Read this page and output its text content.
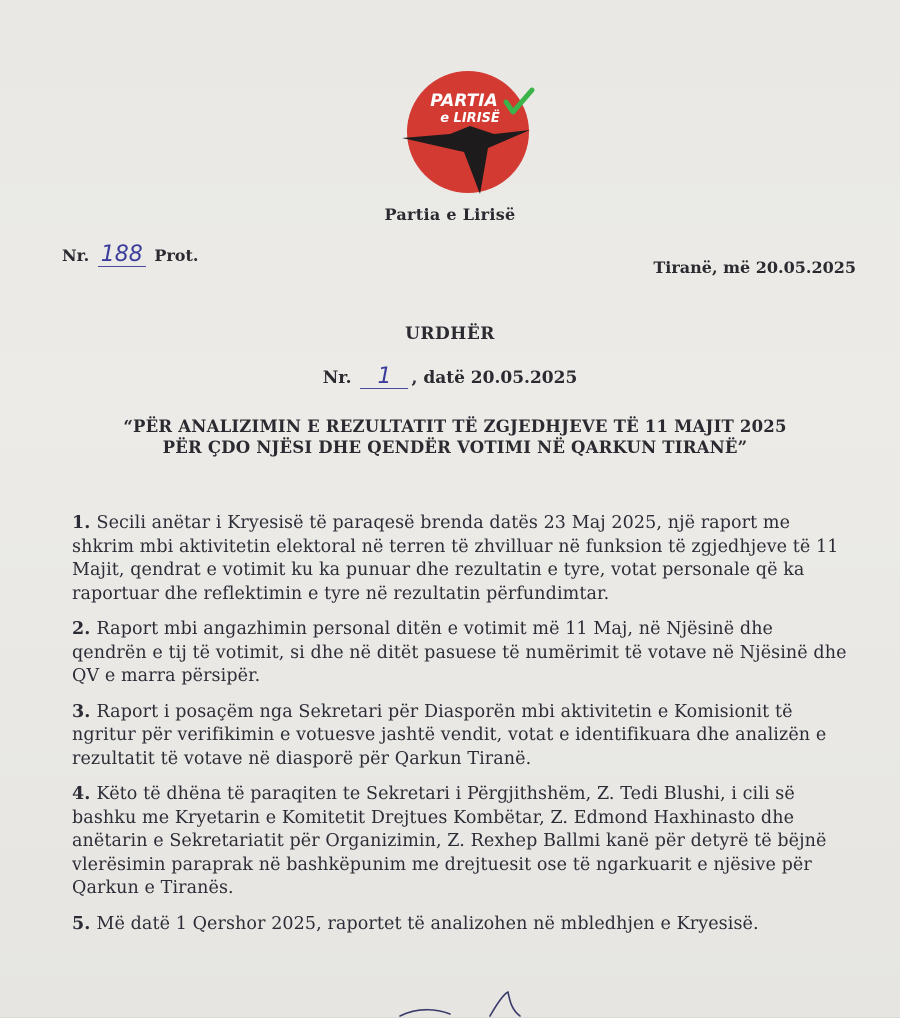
PARTIA
e LIRISË
Partia e Lirisë
Nr. 188 Prot.
Tiranë, më 20.05.2025
URDHËR
Nr. 1 , datë 20.05.2025
“PËR ANALIZIMIN E REZULTATIT TË ZGJEDHJEVE TË 11 MAJIT 2025
PËR ÇDO NJËSI DHE QENDËR VOTIMI NË QARKUN TIRANË”
1. Secili anëtar i Kryesisë të paraqesë brenda datës 23 Maj 2025, një raport me shkrim mbi aktivitetin elektoral në terren të zhvilluar në funksion të zgjedhjeve të 11 Majit, qendrat e votimit ku ka punuar dhe rezultatin e tyre, votat personale që ka raportuar dhe reflektimin e tyre në rezultatin përfundimtar.
2. Raport mbi angazhimin personal ditën e votimit më 11 Maj, në Njësinë dhe qendrën e tij të votimit, si dhe në ditët pasuese të numërimit të votave në Njësinë dhe QV e marra përsipër.
3. Raport i posaçëm nga Sekretari për Diasporën mbi aktivitetin e Komisionit të ngritur për verifikimin e votuesve jashtë vendit, votat e identifikuara dhe analizën e rezultatit të votave në diasporë për Qarkun Tiranë.
4. Këto të dhëna të paraqiten te Sekretari i Përgjithshëm, Z. Tedi Blushi, i cili së bashku me Kryetarin e Komitetit Drejtues Kombëtar, Z. Edmond Haxhinasto dhe anëtarin e Sekretariatit për Organizimin, Z. Rexhep Ballmi kanë për detyrë të bëjnë vlerësimin paraprak në bashkëpunim me drejtuesit ose të ngarkuarit e njësive për Qarkun e Tiranës.
5. Më datë 1 Qershor 2025, raportet të analizohen në mbledhjen e Kryesisë.
